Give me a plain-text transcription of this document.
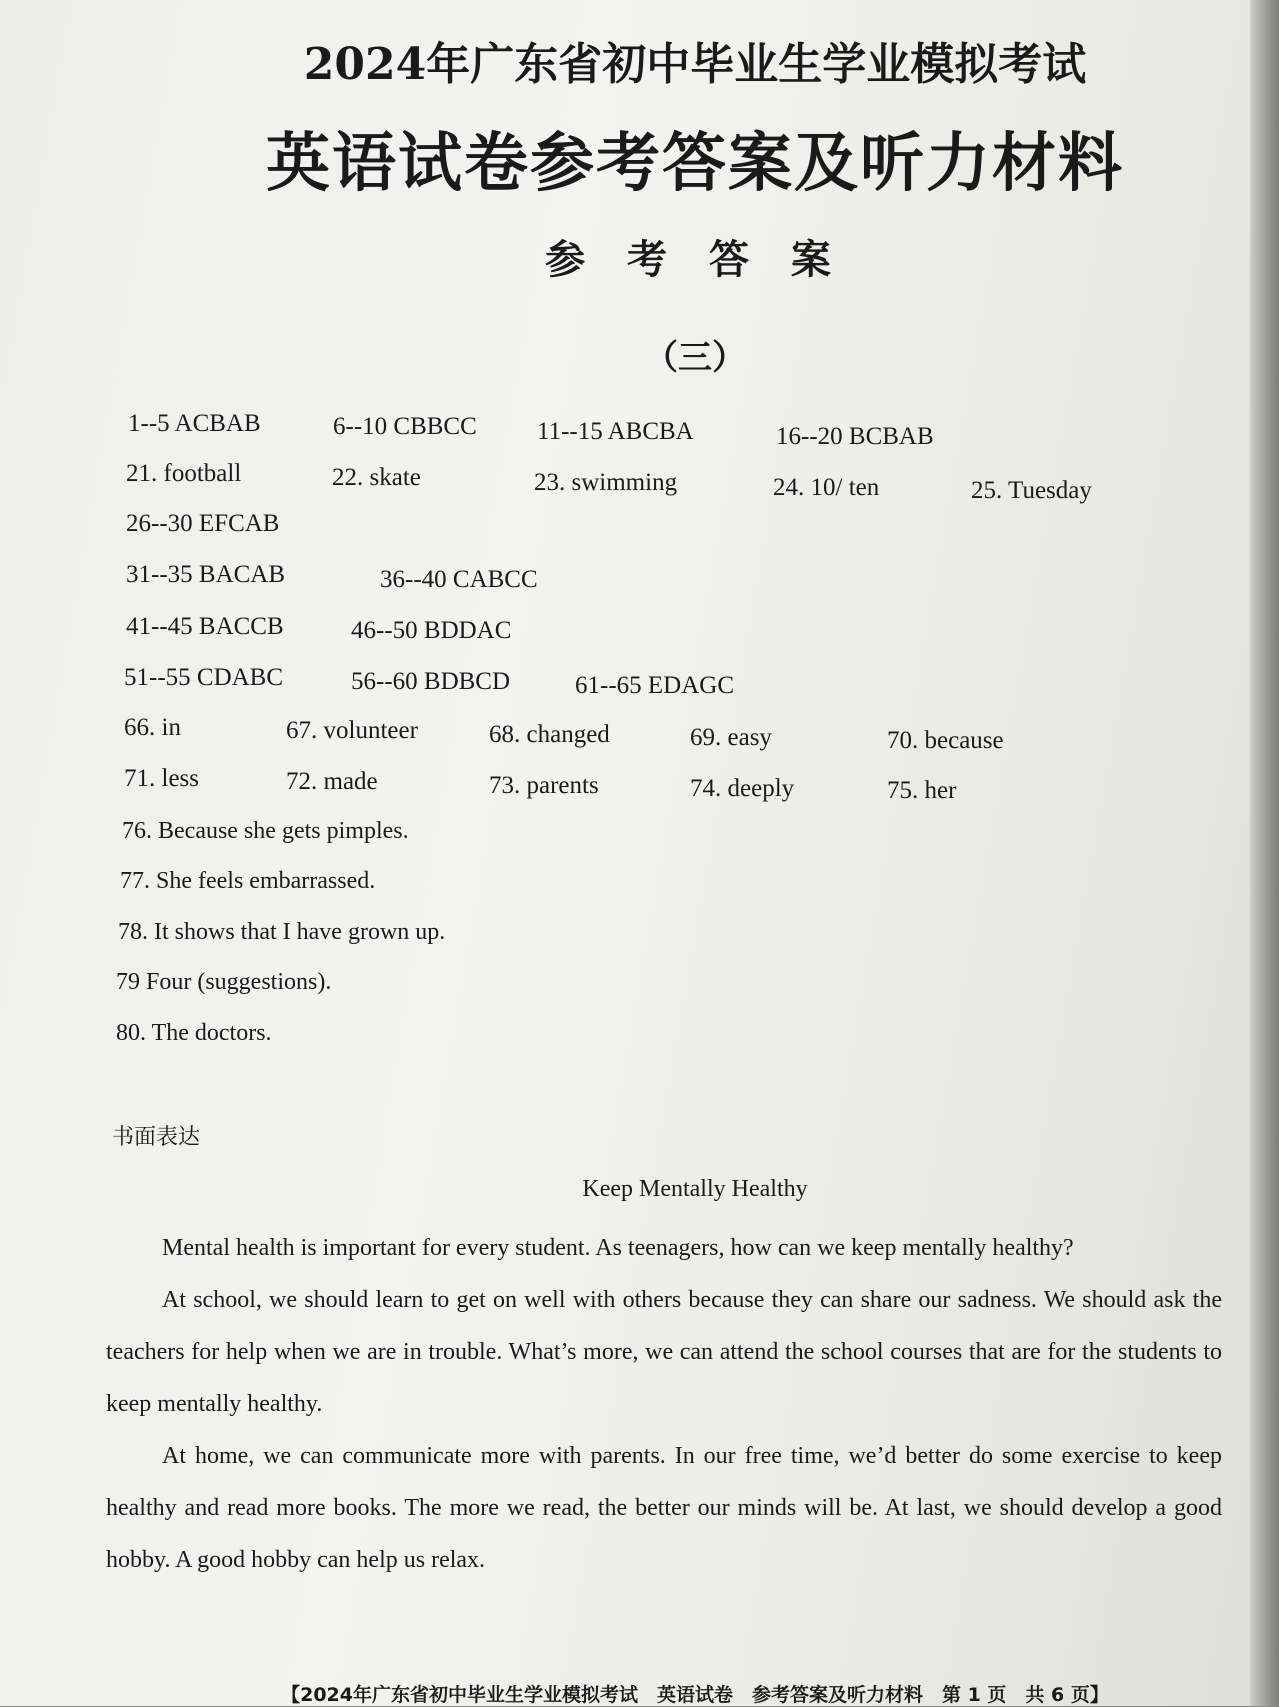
2024年广东省初中毕业生学业模拟考试
英语试卷参考答案及听力材料
参 考 答 案
（三）
1--5 ACBAB	6--10 CBBCC 11--15 ABCBA	16--20 BCBAB
21. football	22. skate	23. swimming	24. 10/ ten	25. Tuesday
26--30 EFCAB
31--35 BACAB	36--40 CABCC
41--45 BACCB	46--50 BDDAC
51--55 CDABC	56--60 BDBCD	61--65 EDAGC
66. in	67. volunteer	68. changed	69. easy	70. because
71. less	72. made	73. parents	74. deeply	75. her
76. Because she gets pimples.
77. She feels embarrassed.
78. It shows that I have grown up.
79 Four (suggestions).
80. The doctors.
书面表达
Keep Mentally Healthy

Mental health is important for every student. As teenagers, how can we keep mentally healthy?

At school, we should learn to get on well with others because they can share our sadness. We should ask the teachers for help when we are in trouble. What’s more, we can attend the school courses that are for the students to keep mentally healthy.

At home, we can communicate more with parents. In our free time, we’d better do some exercise to keep healthy and read more books. The more we read, the better our minds will be. At last, we should develop a good hobby. A good hobby can help us relax.

【2024年广东省初中毕业生学业模拟考试　英语试卷　参考答案及听力材料　第 1 页　共 6 页】
